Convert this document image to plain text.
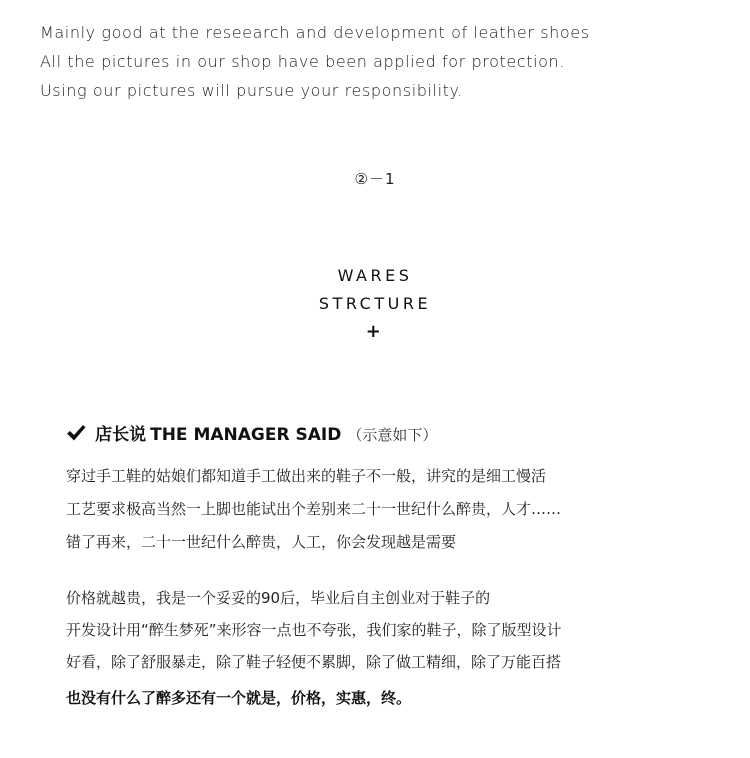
Mainly good at the reseearch and development of leather shoes
All the pictures in our shop have been applied for protection.
Using our pictures will pursue your responsibility.
②－1
WARES
STRCTURE
+
店长说 THE MANAGER SAID （示意如下）
穿过手工鞋的姑娘们都知道手工做出来的鞋子不一般，讲究的是细工慢活
工艺要求极高当然一上脚也能试出个差别来二十一世纪什么醉贵，人才……
错了再来，二十一世纪什么醉贵，人工，你会发现越是需要
价格就越贵，我是一个妥妥的90后，毕业后自主创业对于鞋子的
开发设计用“醉生梦死”来形容一点也不夸张，我们家的鞋子，除了版型设计
好看，除了舒服暴走，除了鞋子轻便不累脚，除了做工精细，除了万能百搭
也没有什么了醉多还有一个就是，价格，实惠，终。
